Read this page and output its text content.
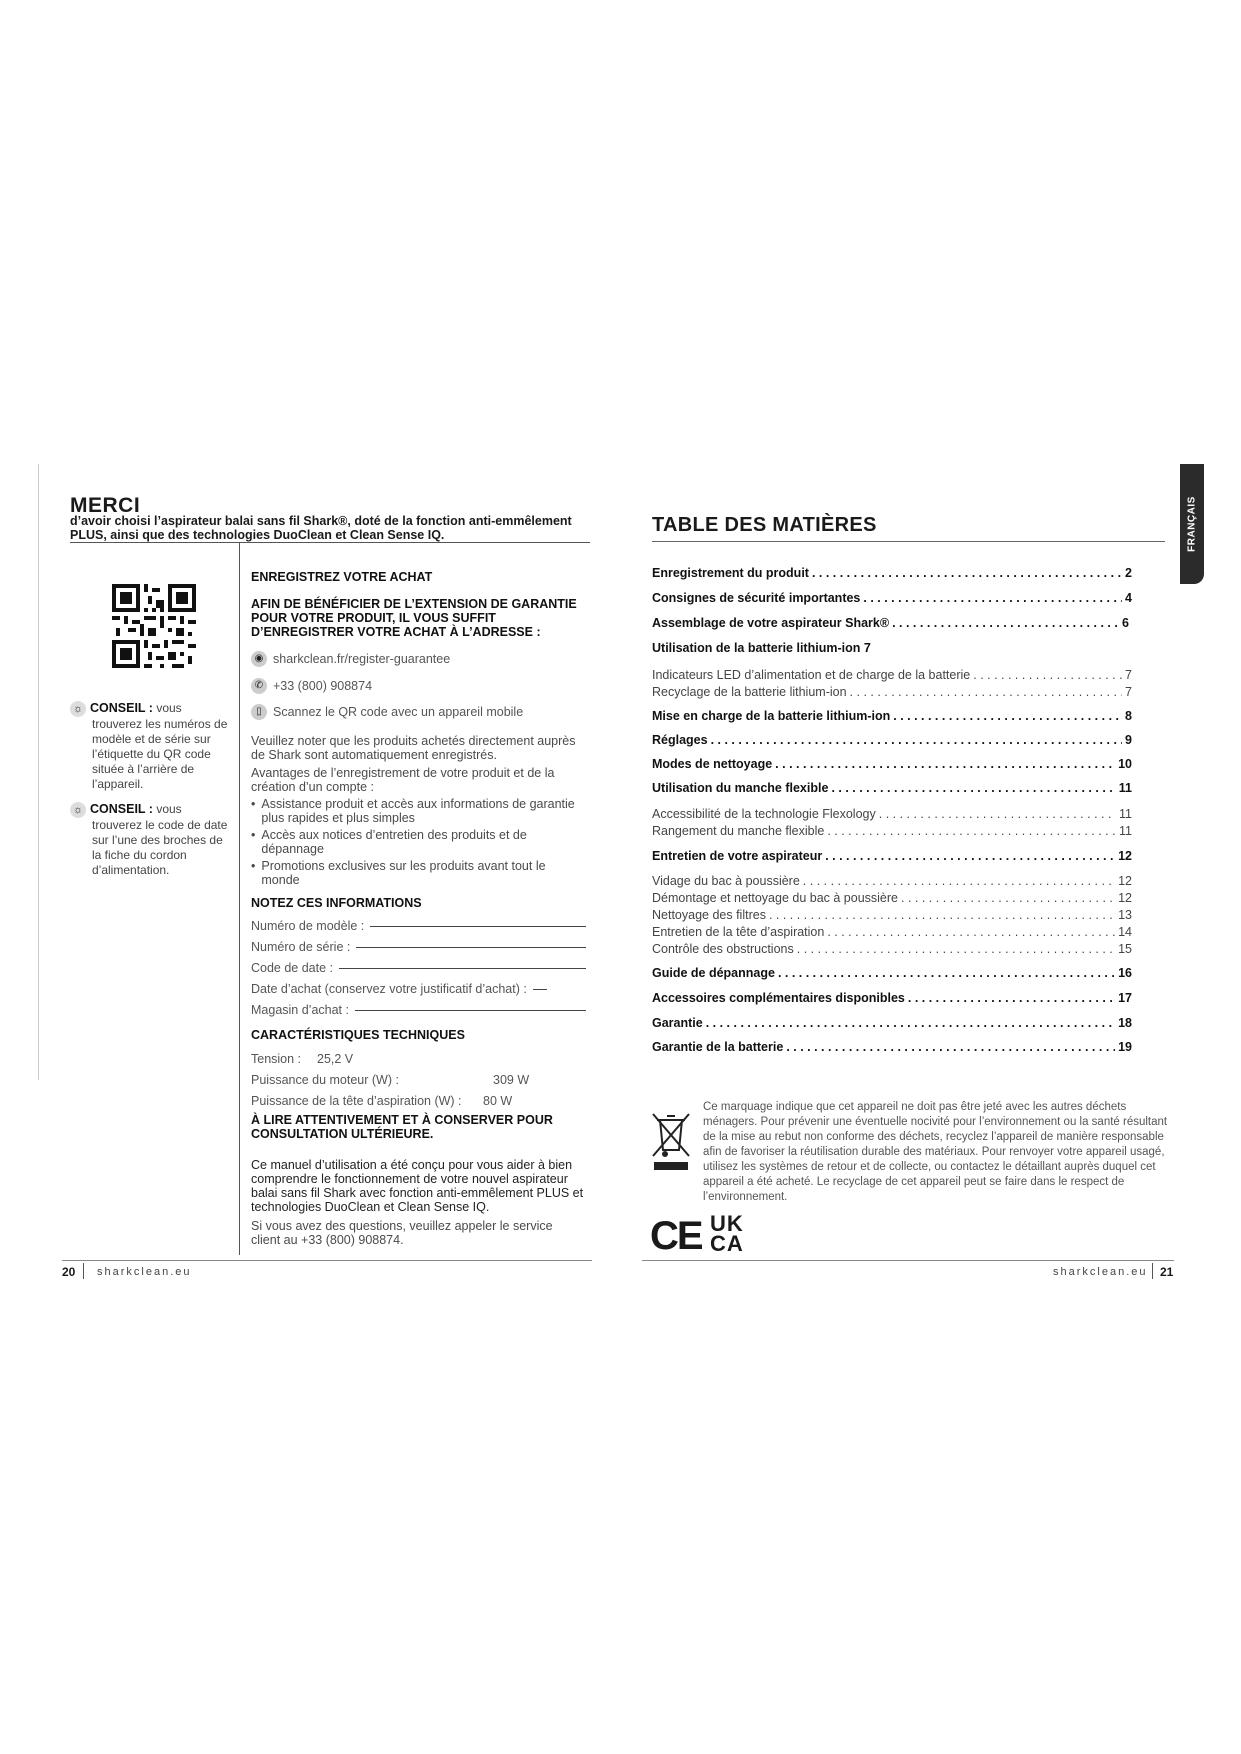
MERCI
d’avoir choisi l’aspirateur balai sans fil Shark®, doté de la fonction anti-emmêlement PLUS, ainsi que des technologies DuoClean et Clean Sense IQ.
☼ CONSEIL : vous
trouverez les numéros de modèle et de série sur l’étiquette du QR code située à l’arrière de l’appareil.
☼ CONSEIL : vous
trouverez le code de date sur l’une des broches de la fiche du cordon d’alimentation.
ENREGISTREZ VOTRE ACHAT
AFIN DE BÉNÉFICIER DE L’EXTENSION DE GARANTIE POUR VOTRE PRODUIT, IL VOUS SUFFIT D’ENREGISTRER VOTRE ACHAT À L’ADRESSE :
◉ sharkclean.fr/register-guarantee
✆ +33 (800) 908874
▯ Scannez le QR code avec un appareil mobile
Veuillez noter que les produits achetés directement auprès de Shark sont automatiquement enregistrés.
Avantages de l’enregistrement de votre produit et de la création d’un compte :
• Assistance produit et accès aux informations de garantie plus rapides et plus simples
• Accès aux notices d’entretien des produits et de dépannage
• Promotions exclusives sur les produits avant tout le monde
NOTEZ CES INFORMATIONS
Numéro de modèle :
Numéro de série :
Code de date :
Date d’achat (conservez votre justificatif d’achat) :
Magasin d’achat :
CARACTÉRISTIQUES TECHNIQUES
Tension :	25,2 V
Puissance du moteur (W) :	309 W
Puissance de la tête d’aspiration (W) :	80 W
À LIRE ATTENTIVEMENT ET À CONSERVER POUR CONSULTATION ULTÉRIEURE.
Ce manuel d’utilisation a été conçu pour vous aider à bien comprendre le fonctionnement de votre nouvel aspirateur balai sans fil Shark avec fonction anti-emmêlement PLUS et technologies DuoClean et Clean Sense IQ.
Si vous avez des questions, veuillez appeler le service client au +33 (800) 908874.
20 sharkclean.eu
FRANÇAIS
TABLE DES MATIÈRES
Enregistrement du produit . . .	2
Consignes de sécurité importantes . . .	4
Assemblage de votre aspirateur Shark® . . .	6
Utilisation de la batterie lithium-ion 7
Indicateurs LED d’alimentation et de charge de la batterie . . .	7
Recyclage de la batterie lithium-ion . . .	7
Mise en charge de la batterie lithium-ion . . .	8
Réglages . . .	9
Modes de nettoyage . . .	10
Utilisation du manche flexible . . .	11
Accessibilité de la technologie Flexology . . .	11
Rangement du manche flexible . . .	11
Entretien de votre aspirateur . . .	12
Vidage du bac à poussière . . .	12
Démontage et nettoyage du bac à poussière . . .	12
Nettoyage des filtres . . .	13
Entretien de la tête d’aspiration . . .	14
Contrôle des obstructions . . .	15
Guide de dépannage . . .	16
Accessoires complémentaires disponibles . . .	17
Garantie . . .	18
Garantie de la batterie . . .	19
Ce marquage indique que cet appareil ne doit pas être jeté avec les autres déchets ménagers. Pour prévenir une éventuelle nocivité pour l’environnement ou la santé résultant de la mise au rebut non conforme des déchets, recyclez l’appareil de manière responsable afin de favoriser la réutilisation durable des matériaux. Pour renvoyer votre appareil usagé, utilisez les systèmes de retour et de collecte, ou contactez le détaillant auprès duquel cet appareil a été acheté. Le recyclage de cet appareil peut se faire dans le respect de l’environnement.
CE UK
CA
sharkclean.eu 21
